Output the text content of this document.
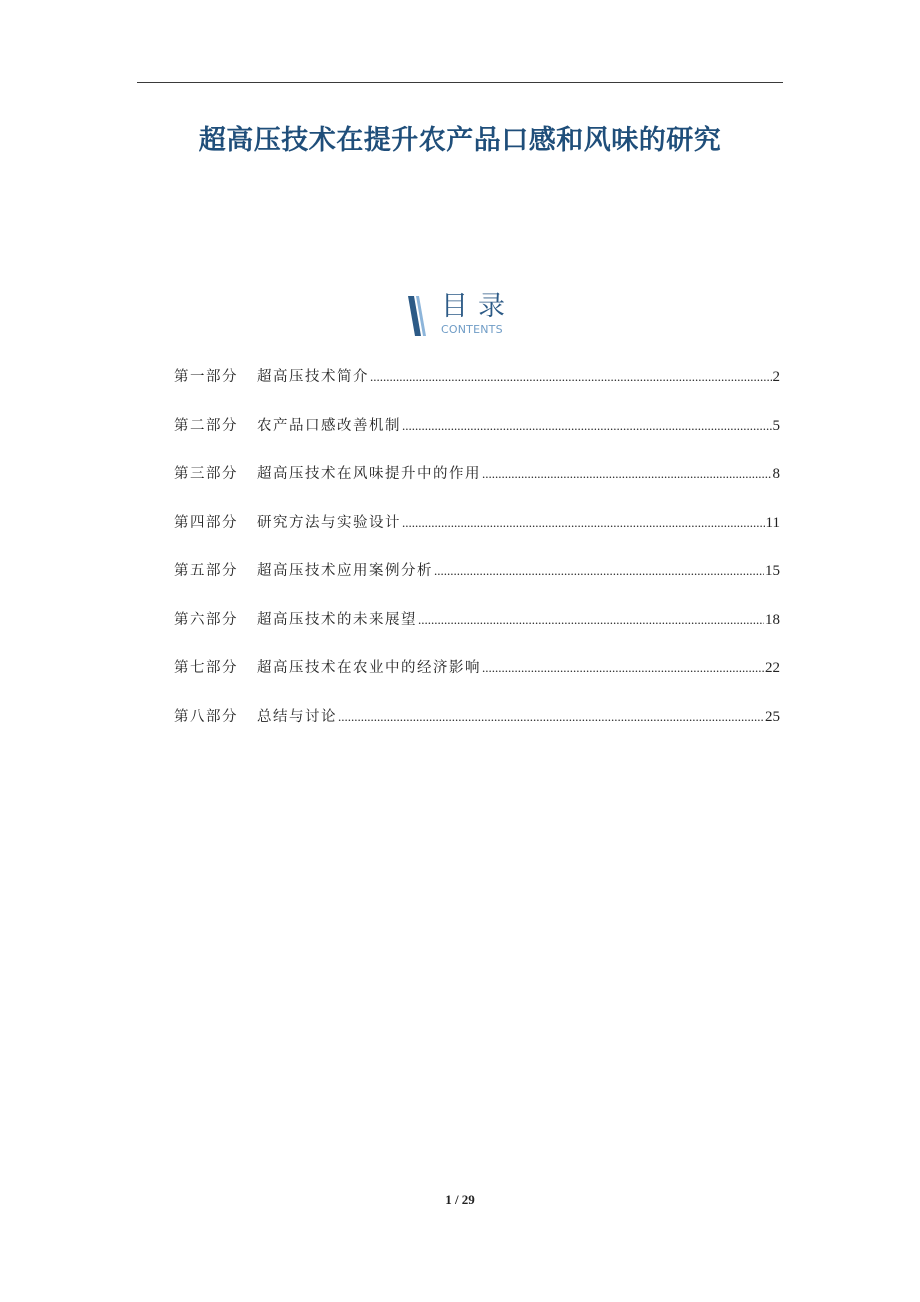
超高压技术在提升农产品口感和风味的研究
目录
CONTENTS
第一部分 超高压技术简介 .....	2
第二部分 农产品口感改善机制 .....	5
第三部分 超高压技术在风味提升中的作用 .....	8
第四部分 研究方法与实验设计 .....	11
第五部分 超高压技术应用案例分析 .....	15
第六部分 超高压技术的未来展望 .....	18
第七部分 超高压技术在农业中的经济影响 .....	22
第八部分 总结与讨论 .....	25
1 / 29
